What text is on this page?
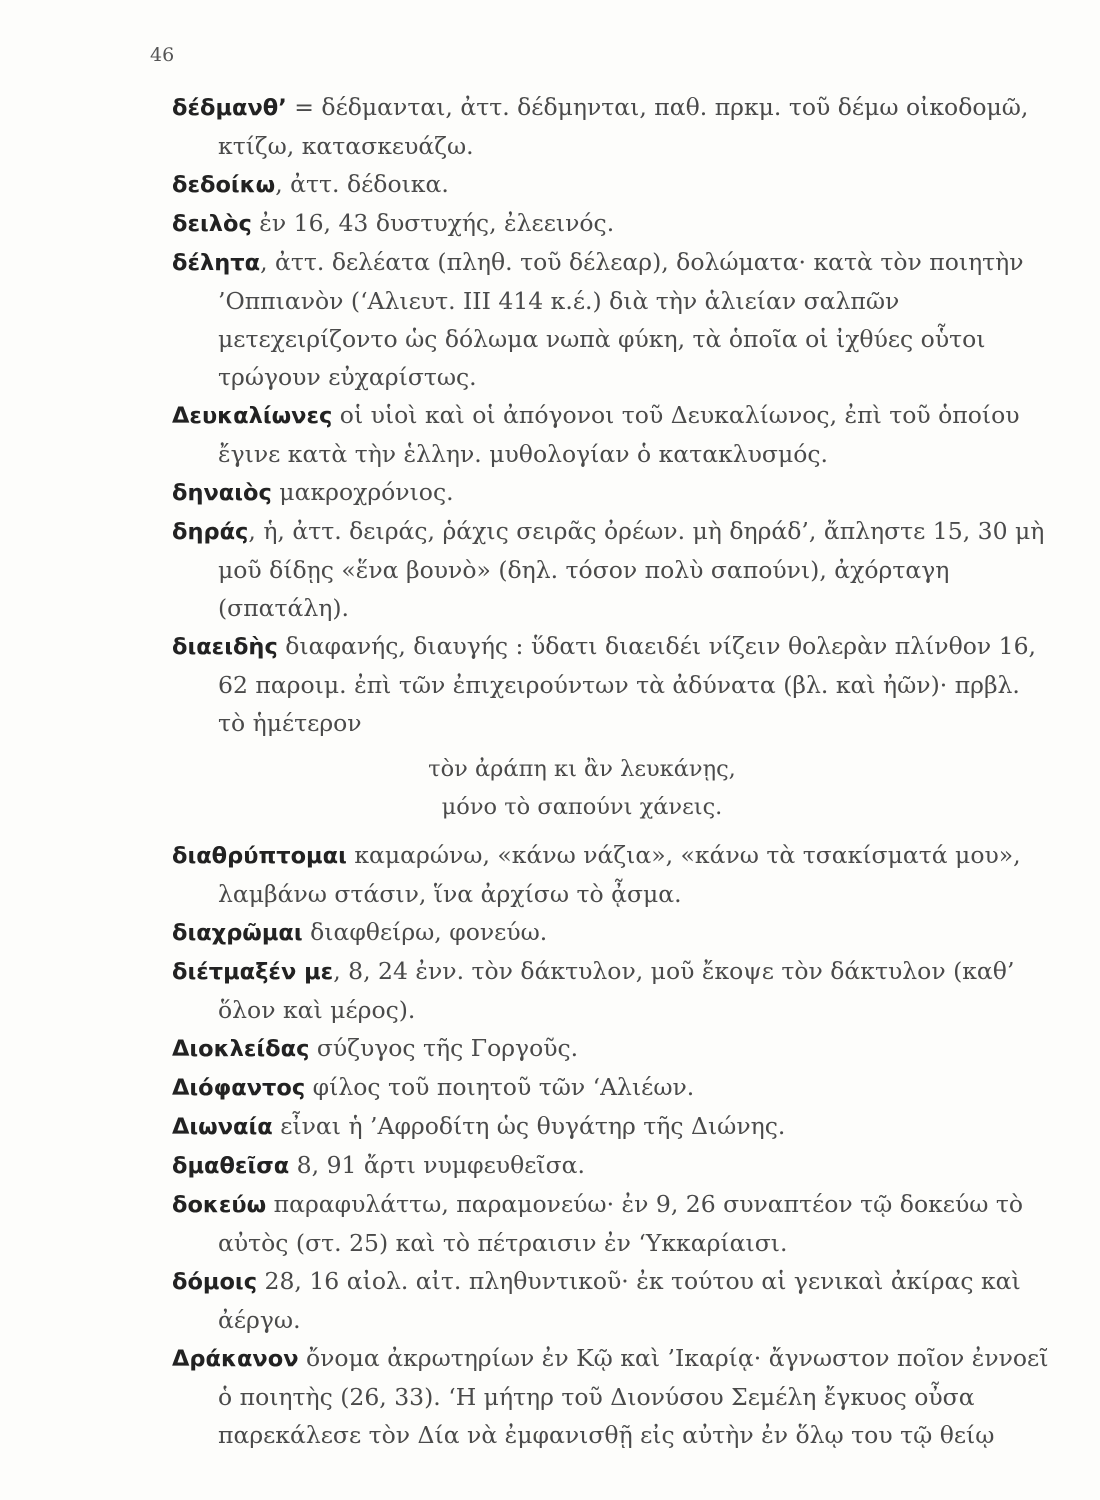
46

δέδμανθ’ = δέδμανται, ἀττ. δέδμηνται, παθ. πρκμ. τοῦ δέμω οἰκοδομῶ, κτίζω, κατασκευάζω.

δεδοίκω, ἀττ. δέδοικα.

δειλὸς ἐν 16, 43 δυστυχής, ἐλεεινός.

δέλητα, ἀττ. δελέατα (πληθ. τοῦ δέλεαρ), δολώματα· κατὰ τὸν ποιητὴν ’Οππιανὸν (‘Αλιευτ. III 414 κ.έ.) διὰ τὴν ἁλιείαν σαλπῶν μετεχειρίζοντο ὡς δόλωμα νωπὰ φύκη, τὰ ὁποῖα οἱ ἰχθύες οὗτοι τρώγουν εὐχαρίστως.

Δευκαλίωνες οἱ υἱοὶ καὶ οἱ ἀπόγονοι τοῦ Δευκαλίωνος, ἐπὶ τοῦ ὁποίου ἔγινε κατὰ τὴν ἑλλην. μυθολογίαν ὁ κατακλυσμός.

δηναιὸς μακροχρόνιος.

δηράς, ἡ, ἀττ. δειράς, ῥάχις σειρᾶς ὀρέων. μὴ δηράδ’, ἄπληστε 15, 30 μὴ μοῦ δίδῃς «ἕνα βουνὸ» (δηλ. τόσον πολὺ σαπούνι), ἀχόρταγη (σπατάλη).

διαειδὴς διαφανής, διαυγής : ὕδατι διαειδέι νίζειν θολερὰν πλίνθον 16, 62 παροιμ. ἐπὶ τῶν ἐπιχειρούντων τὰ ἀδύνατα (βλ. καὶ ἠῶν)· πρβλ. τὸ ἡμέτερον

τὸν ἀράπη κι ἂν λευκάνῃς,
μόνο τὸ σαπούνι χάνεις.

διαθρύπτομαι καμαρώνω, «κάνω νάζια», «κάνω τὰ τσακίσματά μου», λαμβάνω στάσιν, ἵνα ἀρχίσω τὸ ᾆσμα.

διαχρῶμαι διαφθείρω, φονεύω.

διέτμαξέν με, 8, 24 ἐνν. τὸν δάκτυλον, μοῦ ἔκοψε τὸν δάκτυλον (καθ’ ὅλον καὶ μέρος).

Διοκλείδας σύζυγος τῆς Γοργοῦς.

Διόφαντος φίλος τοῦ ποιητοῦ τῶν ‘Αλιέων.

Διωναία εἶναι ἡ ’Αφροδίτη ὡς θυγάτηρ τῆς Διώνης.

δμαθεῖσα 8, 91 ἄρτι νυμφευθεῖσα.

δοκεύω παραφυλάττω, παραμονεύω· ἐν 9, 26 συναπτέον τῷ δοκεύω τὸ αὐτὸς (στ. 25) καὶ τὸ πέτραισιν ἐν ‘Υκκαρίαισι.

δόμοις 28, 16 αἰολ. αἰτ. πληθυντικοῦ· ἐκ τούτου αἱ γενικαὶ ἀκίρας καὶ ἀέργω.

Δράκανον ὄνομα ἀκρωτηρίων ἐν Κῷ καὶ ’Ικαρίᾳ· ἄγνωστον ποῖον ἐννοεῖ ὁ ποιητὴς (26, 33). ‘Η μήτηρ τοῦ Διονύσου Σεμέλη ἔγκυος οὖσα παρεκάλεσε τὸν Δία νὰ ἐμφανισθῇ εἰς αὐτὴν ἐν ὅλῳ του τῷ θείῳ
